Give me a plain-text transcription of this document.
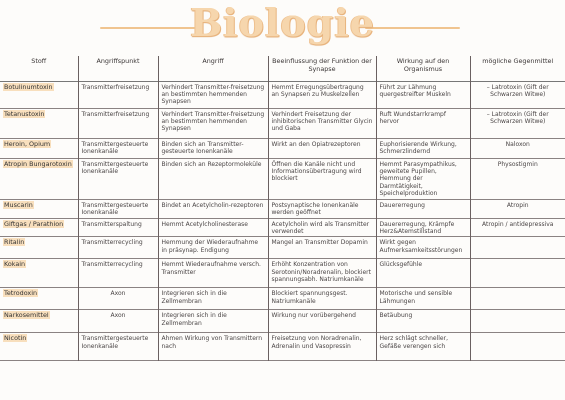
Biologie
Stoff	Angriffspunkt	Angriff	Beeinflussung der Funktion der Synapse	Wirkung auf den Organismus	mögliche Gegenmittel
Botulinumtoxin	Transmitterfreisetzung	Verhindert Transmitter-freisetzung an bestimmten hemmenden Synapsen	Hemmt Erregungsübertragung an Synapsen zu Muskelzellen	Führt zur Lähmung quergestreifter Muskeln	– Latrotoxin (Gift der Schwarzen Witwe)
Tetanustoxin	Transmitterfreisetzung	Verhindert Transmitter-freisetzung an bestimmten hemmenden Synapsen	Verhindert Freisetzung der inhibitorischen Transmitter Glycin und Gaba	Ruft Wundstarrkrampf hervor	– Latrotoxin (Gift der Schwarzen Witwe)
Heroin, Opium	Transmittergesteuerte Ionenkanäle	Binden sich an Transmitter-gesteuerte Ionenkanäle	Wirkt an den Opiatrezeptoren	Euphorisierende Wirkung, Schmerzlindernd	Naloxon
Atropin Bungarotoxin	Transmittergesteuerte Ionenkanäle	Binden sich an Rezeptormoleküle	Öffnen die Kanäle nicht und Informationsübertragung wird blockiert	Hemmt Parasympathikus, geweitete Pupillen, Hemmung der Darmtätigkeit, Speichelproduktion	Physostigmin
Muscarin	Transmittergesteuerte Ionenkanäle	Bindet an Acetylcholin-rezeptoren	Postsynaptische Ionenkanäle werden geöffnet	Dauererregung	Atropin
Giftgas / Parathion	Transmitterspaltung	Hemmt Acetylcholinesterase	Acetylcholin wird als Transmitter verwendet	Dauererregung, Krämpfe Herz&Atemstillstand	Atropin / antidepressiva
Ritalin	Transmitterrecycling	Hemmung der Wiederaufnahme in präsynap. Endigung	Mangel an Transmitter Dopamin	Wirkt gegen Aufmerksamkeitsstörungen	
Kokain	Transmitterrecycling	Hemmt Wiederaufnahme versch. Transmitter	Erhöht Konzentration von Serotonin/Noradrenalin, blockiert spannungsabh. Natriumkanäle	Glücksgefühle	
Tetrodoxin	Axon	Integrieren sich in die Zellmembran	Blockiert spannungsgest. Natriumkanäle	Motorische und sensible Lähmungen	
Narkosemittel	Axon	Integrieren sich in die Zellmembran	Wirkung nur vorübergehend	Betäubung	
Nicotin	Transmittergesteuerte Ionenkanäle	Ahmen Wirkung von Transmittern nach	Freisetzung von Noradrenalin, Adrenalin und Vasopressin	Herz schlägt schneller, Gefäße verengen sich	
